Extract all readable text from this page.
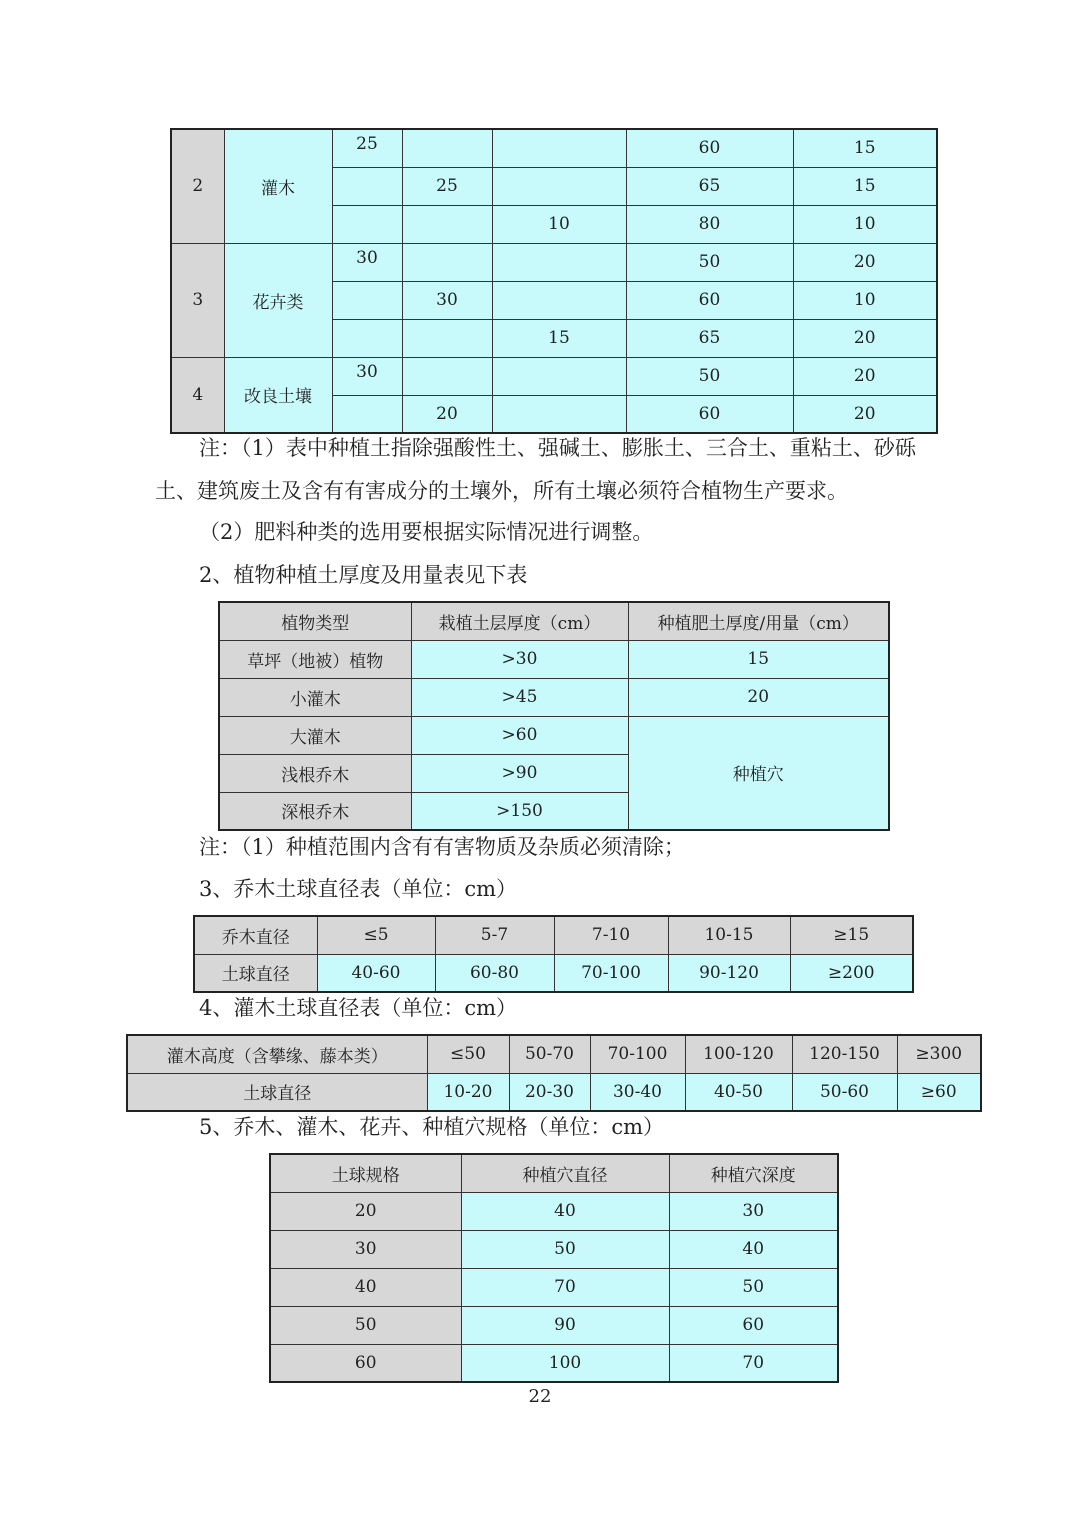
2	灌木	25			60	15
			25		65	15
				10	80	10
3	花卉类	30			50	20
			30		60	10
				15	65	20
4	改良土壤	30			50	20
			20		60	20

注：（1）表中种植土指除强酸性土、强碱土、膨胀土、三合土、重粘土、砂砾

土、建筑废土及含有有害成分的土壤外，所有土壤必须符合植物生产要求。

（2）肥料种类的选用要根据实际情况进行调整。

2、植物种植土厚度及用量表见下表

植物类型	栽植土层厚度（cm）	种植肥土厚度/用量（cm）
草坪（地被）植物	>30	15
小灌木	>45	20
大灌木	>60	种植穴
浅根乔木	>90	
深根乔木	>150	

注：（1）种植范围内含有有害物质及杂质必须清除；

3、乔木土球直径表（单位：cm）

乔木直径	≤5	5-7	7-10	10-15	≥15
土球直径	40-60	60-80	70-100	90-120	≥200

4、灌木土球直径表（单位：cm）

灌木高度（含攀缘、藤本类）	≤50	50-70	70-100	100-120	120-150	≥300
土球直径	10-20	20-30	30-40	40-50	50-60	≥60

5、乔木、灌木、花卉、种植穴规格（单位：cm）

土球规格	种植穴直径	种植穴深度
20	40	30
30	50	40
40	70	50
50	90	60
60	100	70
22
